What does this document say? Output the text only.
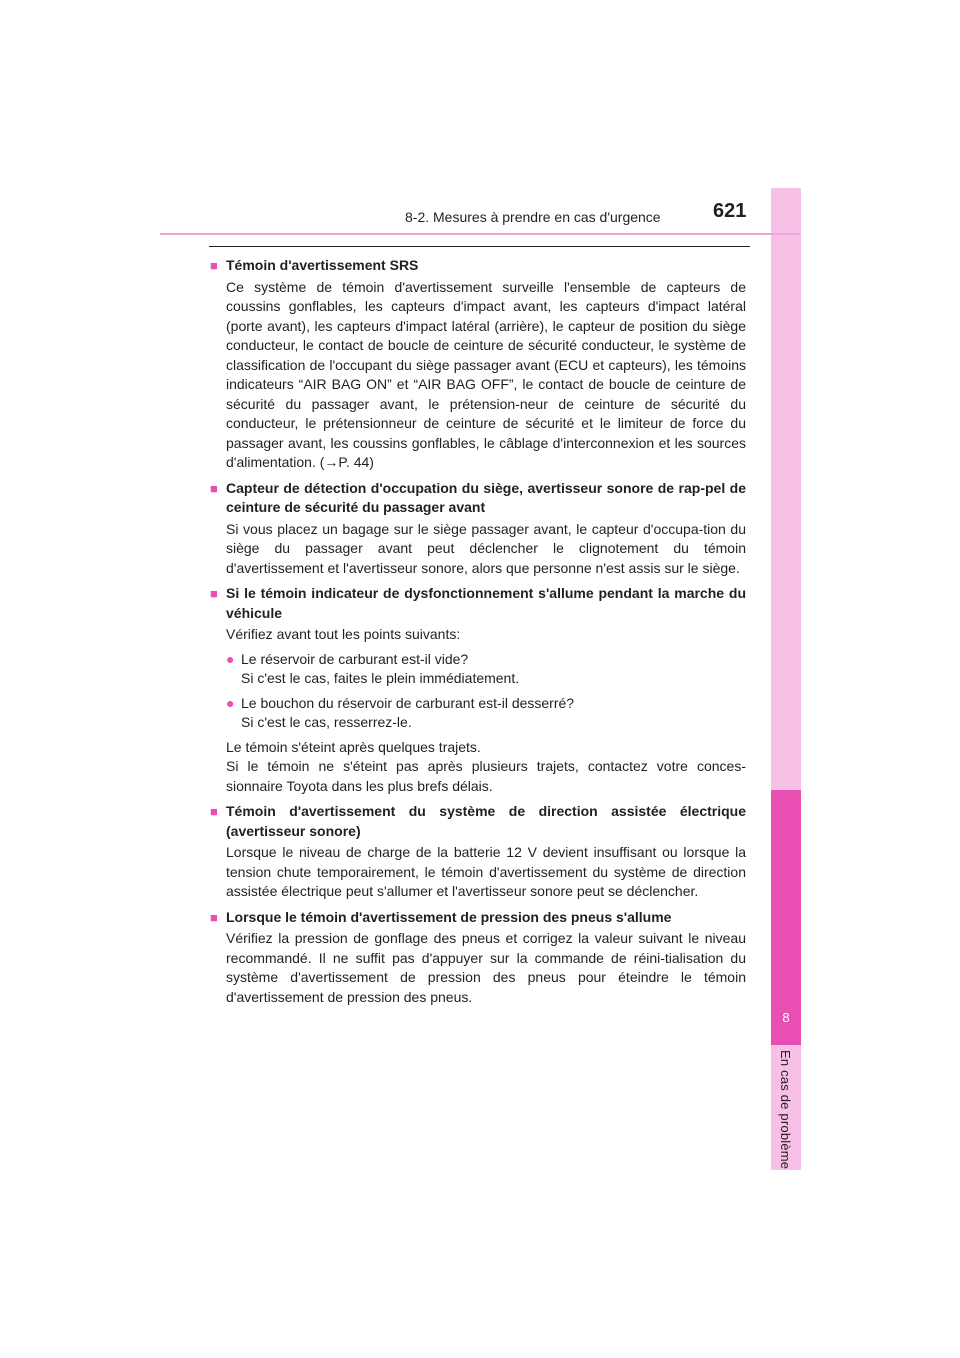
8
En cas de problème
8-2. Mesures à prendre en cas d'urgence	621
■ Témoin d'avertissement SRS
Ce système de témoin d'avertissement surveille l'ensemble de capteurs de coussins gonflables, les capteurs d'impact avant, les capteurs d'impact latéral (porte avant), les capteurs d'impact latéral (arrière), le capteur de position du siège conducteur, le contact de boucle de ceinture de sécurité conducteur, le système de classification de l'occupant du siège passager avant (ECU et capteurs), les témoins indicateurs “AIR BAG ON” et “AIR BAG OFF”, le contact de boucle de ceinture de sécurité du passager avant, le prétension-neur de ceinture de sécurité du conducteur, le prétensionneur de ceinture de sécurité et le limiteur de force du passager avant, les coussins gonflables, le câblage d'interconnexion et les sources d'alimentation. (→P. 44)
■ Capteur de détection d'occupation du siège, avertisseur sonore de rap-pel de ceinture de sécurité du passager avant
Si vous placez un bagage sur le siège passager avant, le capteur d'occupa-tion du siège du passager avant peut déclencher le clignotement du témoin d'avertissement et l'avertisseur sonore, alors que personne n'est assis sur le siège.
■ Si le témoin indicateur de dysfonctionnement s'allume pendant la marche du véhicule
Vérifiez avant tout les points suivants:
● Le réservoir de carburant est-il vide?
Si c'est le cas, faites le plein immédiatement.
● Le bouchon du réservoir de carburant est-il desserré?
Si c'est le cas, resserrez-le.
Le témoin s'éteint après quelques trajets.
Si le témoin ne s'éteint pas après plusieurs trajets, contactez votre conces-sionnaire Toyota dans les plus brefs délais.
■ Témoin d'avertissement du système de direction assistée électrique (avertisseur sonore)
Lorsque le niveau de charge de la batterie 12 V devient insuffisant ou lorsque la tension chute temporairement, le témoin d'avertissement du système de direction assistée électrique peut s'allumer et l'avertisseur sonore peut se déclencher.
■ Lorsque le témoin d'avertissement de pression des pneus s'allume
Vérifiez la pression de gonflage des pneus et corrigez la valeur suivant le niveau recommandé. Il ne suffit pas d'appuyer sur la commande de réini-tialisation du système d'avertissement de pression des pneus pour éteindre le témoin d'avertissement de pression des pneus.
